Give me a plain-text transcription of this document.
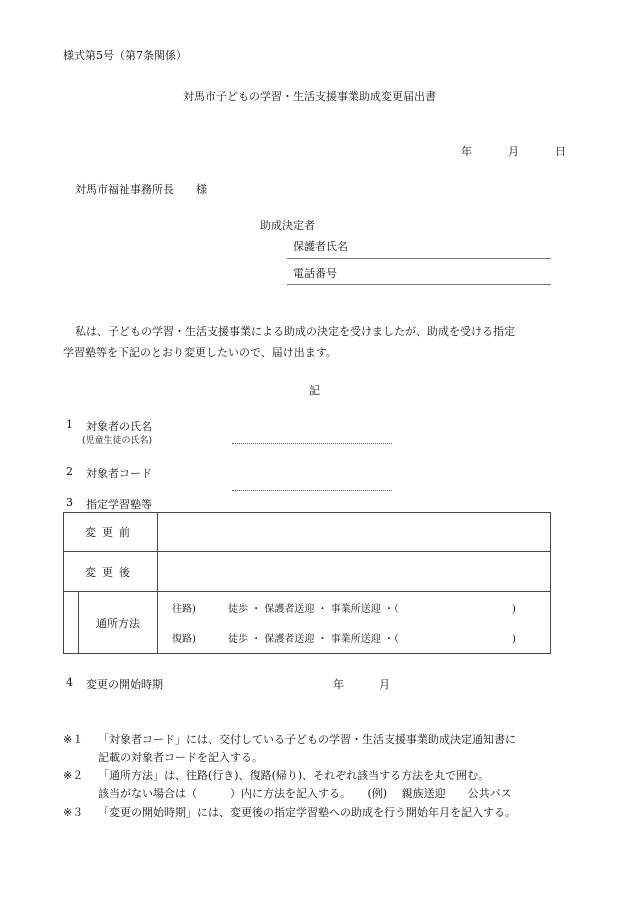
様式第5号（第7条関係）
対馬市子どもの学習・生活支援事業助成変更届出書
年	月	日
対馬市福祉事務所長　　様
助成決定者
保護者氏名
電話番号
私は、子どもの学習・生活支援事業による助成の決定を受けましたが、助成を受ける指定
学習塾等を下記のとおり変更したいので、届け出ます。
記
1 対象者の氏名
(児童生徒の氏名)
2 対象者コード
3 指定学習塾等
変更前		
変更後		
	通所方法	往路) 徒歩 ・ 保護者送迎 ・ 事業所送迎 ・（ )
		復路) 徒歩 ・ 保護者送迎 ・ 事業所送迎 ・（ )
4 変更の開始時期	年	月
※１ 「対象者コード」には、交付している子どもの学習・生活支援事業助成決定通知書に
記載の対象者コードを記入する。
※２ 「通所方法」は、往路(行き)、復路(帰り)、それぞれ該当する方法を丸で囲む。
該当がない場合は（　　　）内に方法を記入する。　　(例)　 親族送迎　　公共バス
※３ 「変更の開始時期」には、変更後の指定学習塾への助成を行う開始年月を記入する。
